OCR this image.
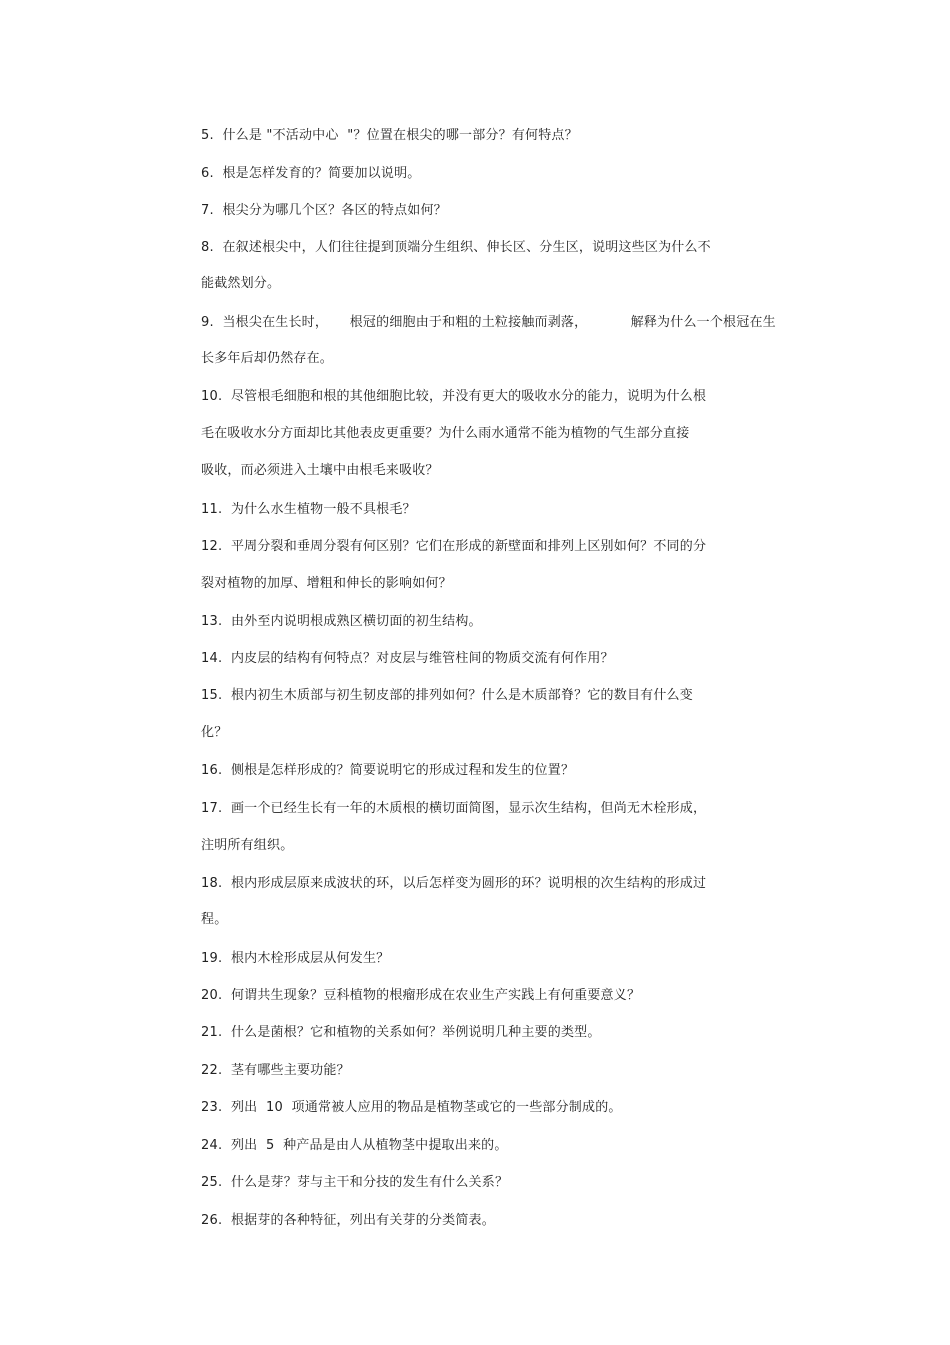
5.  什么是 "不活动中心  "？位置在根尖的哪一部分？有何特点？
6.  根是怎样发育的？简要加以说明。
7.  根尖分为哪几个区？各区的特点如何？
8.  在叙述根尖中，人们往往提到顶端分生组织、伸长区、分生区，说明这些区为什么不
能截然划分。
9.  当根尖在生长时，     根冠的细胞由于和粗的土粒接触而剥落，          解释为什么一个根冠在生
长多年后却仍然存在。
10.  尽管根毛细胞和根的其他细胞比较，并没有更大的吸收水分的能力，说明为什么根
毛在吸收水分方面却比其他表皮更重要？为什么雨水通常不能为植物的气生部分直接
吸收，而必须进入土壤中由根毛来吸收？
11.  为什么水生植物一般不具根毛？
12.  平周分裂和垂周分裂有何区别？它们在形成的新壁面和排列上区别如何？不同的分
裂对植物的加厚、增粗和伸长的影响如何？
13.  由外至内说明根成熟区横切面的初生结构。
14.  内皮层的结构有何特点？对皮层与维管柱间的物质交流有何作用？
15.  根内初生木质部与初生韧皮部的排列如何？什么是木质部脊？它的数目有什么变
化？
16.  侧根是怎样形成的？简要说明它的形成过程和发生的位置？
17.  画一个已经生长有一年的木质根的横切面简图，显示次生结构，但尚无木栓形成，
注明所有组织。
18.  根内形成层原来成波状的环，以后怎样变为圆形的环？说明根的次生结构的形成过
程。
19.  根内木栓形成层从何发生？
20.  何谓共生现象？豆科植物的根瘤形成在农业生产实践上有何重要意义？
21.  什么是菌根？它和植物的关系如何？举例说明几种主要的类型。
22.  茎有哪些主要功能？
23.  列出  10  项通常被人应用的物品是植物茎或它的一些部分制成的。
24.  列出  5  种产品是由人从植物茎中提取出来的。
25.  什么是芽？芽与主干和分技的发生有什么关系？
26.  根据芽的各种特征，列出有关芽的分类简表。
